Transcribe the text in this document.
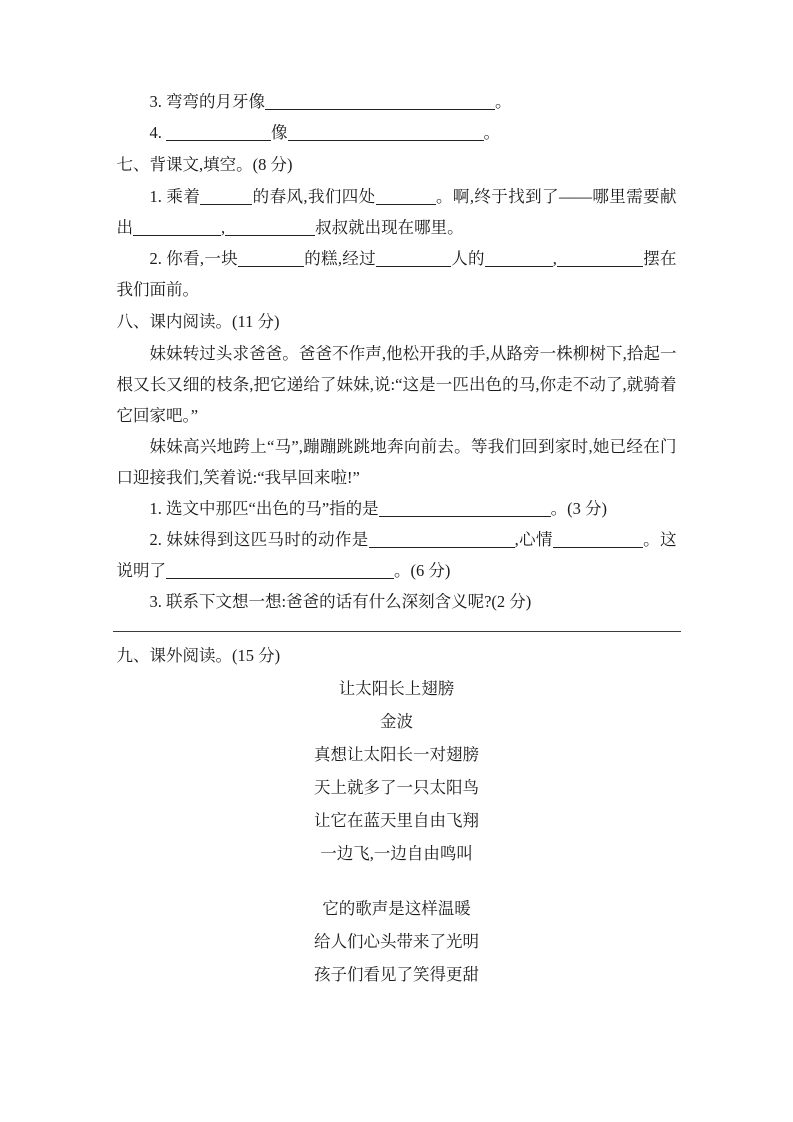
3. 弯弯的月牙像	。
4.	像	。
七、背课文,填空。(8 分)
1. 乘着	的春风,我们四处	。啊,终于找到了——哪里需要献出	,	叔叔就出现在哪里。
2. 你看,一块	的糕,经过	人的	,	摆在我们面前。
八、课内阅读。(11 分)
妹妹转过头求爸爸。爸爸不作声,他松开我的手,从路旁一株柳树下,拾起一根又长又细的枝条,把它递给了妹妹,说:“这是一匹出色的马,你走不动了,就骑着它回家吧。”
妹妹高兴地跨上“马”,蹦蹦跳跳地奔向前去。等我们回到家时,她已经在门口迎接我们,笑着说:“我早回来啦!”
1. 选文中那匹“出色的马”指的是	。(3 分)
2. 妹妹得到这匹马时的动作是	,心情	。这说明了	。(6 分)
3. 联系下文想一想:爸爸的话有什么深刻含义呢?(2 分)
九、课外阅读。(15 分)
让太阳长上翅膀
金波
真想让太阳长一对翅膀
天上就多了一只太阳鸟
让它在蓝天里自由飞翔
一边飞,一边自由鸣叫
它的歌声是这样温暖
给人们心头带来了光明
孩子们看见了笑得更甜
